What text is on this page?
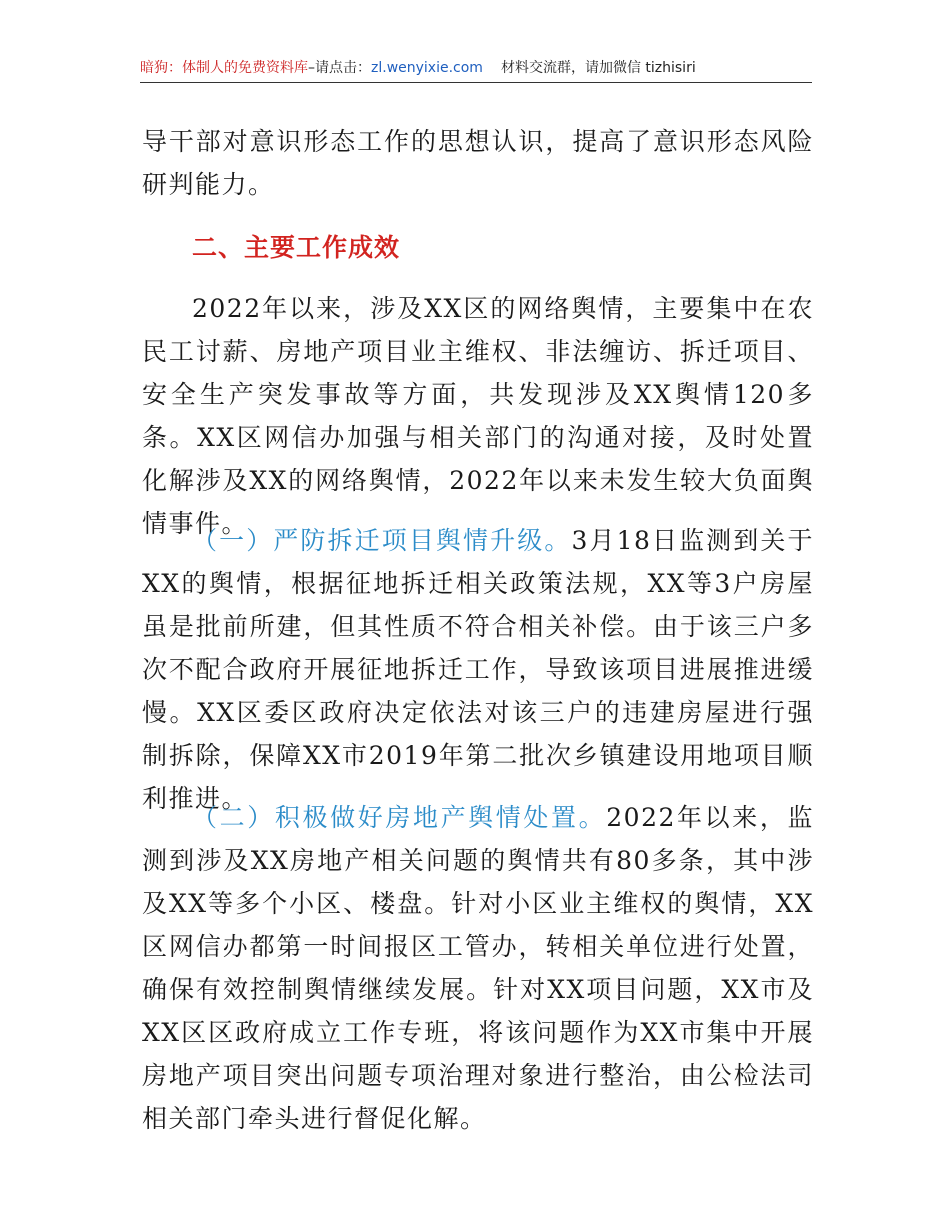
暗狗：体制人的免费资料库–请点击：zl.wenyixie.com 材料交流群，请加微信 tizhisiri

导干部对意识形态工作的思想认识，提高了意识形态风险研判能力。

二、主要工作成效

2022年以来，涉及XX区的网络舆情，主要集中在农民工讨薪、房地产项目业主维权、非法缠访、拆迁项目、安全生产突发事故等方面，共发现涉及XX舆情120多条。XX区网信办加强与相关部门的沟通对接，及时处置化解涉及XX的网络舆情，2022年以来未发生较大负面舆情事件。

（一）严防拆迁项目舆情升级。3月18日监测到关于XX的舆情，根据征地拆迁相关政策法规，XX等3户房屋虽是批前所建，但其性质不符合相关补偿。由于该三户多次不配合政府开展征地拆迁工作，导致该项目进展推进缓慢。XX区委区政府决定依法对该三户的违建房屋进行强制拆除，保障XX市2019年第二批次乡镇建设用地项目顺利推进。

（二）积极做好房地产舆情处置。2022年以来，监测到涉及XX房地产相关问题的舆情共有80多条，其中涉及XX等多个小区、楼盘。针对小区业主维权的舆情，XX区网信办都第一时间报区工管办，转相关单位进行处置，确保有效控制舆情继续发展。针对XX项目问题，XX市及XX区区政府成立工作专班，将该问题作为XX市集中开展房地产项目突出问题专项治理对象进行整治，由公检法司相关部门牵头进行督促化解。
